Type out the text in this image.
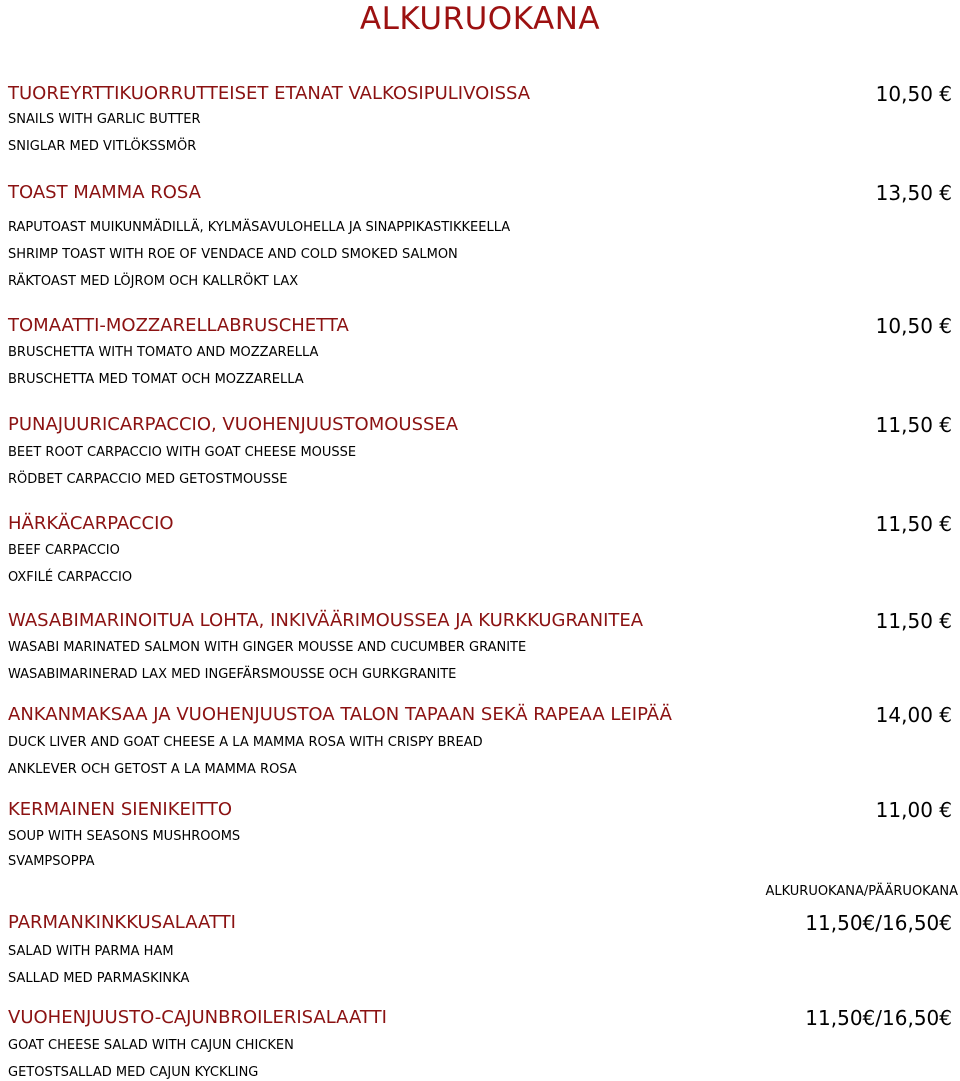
ALKURUOKANA
TUOREYRTTIKUORRUTTEISET ETANAT VALKOSIPULIVOISSA	10,50 €
SNAILS WITH GARLIC BUTTER
SNIGLAR MED VITLÖKSSMÖR
TOAST MAMMA ROSA	13,50 €
RAPUTOAST MUIKUNMÄDILLÄ, KYLMÄSAVULOHELLA JA SINAPPIKASTIKKEELLA
SHRIMP TOAST WITH ROE OF VENDACE AND COLD SMOKED SALMON
RÄKTOAST MED LÖJROM OCH KALLRÖKT LAX
TOMAATTI-MOZZARELLABRUSCHETTA	10,50 €
BRUSCHETTA WITH TOMATO AND MOZZARELLA
BRUSCHETTA MED TOMAT OCH MOZZARELLA
PUNAJUURICARPACCIO, VUOHENJUUSTOMOUSSEA	11,50 €
BEET ROOT CARPACCIO WITH GOAT CHEESE MOUSSE
RÖDBET CARPACCIO MED GETOSTMOUSSE
HÄRKÄCARPACCIO	11,50 €
BEEF CARPACCIO
OXFILÉ CARPACCIO
WASABIMARINOITUA LOHTA, INKIVÄÄRIMOUSSEA JA KURKKUGRANITEA	11,50 €
WASABI MARINATED SALMON WITH GINGER MOUSSE AND CUCUMBER GRANITE
WASABIMARINERAD LAX MED INGEFÄRSMOUSSE OCH GURKGRANITE
ANKANMAKSAA JA VUOHENJUUSTOA TALON TAPAAN SEKÄ RAPEAA LEIPÄÄ	14,00 €
DUCK LIVER AND GOAT CHEESE A LA MAMMA ROSA WITH CRISPY BREAD
ANKLEVER OCH GETOST A LA MAMMA ROSA
KERMAINEN SIENIKEITTO	11,00 €
SOUP WITH SEASONS MUSHROOMS
SVAMPSOPPA
ALKURUOKANA/PÄÄRUOKANA
PARMANKINKKUSALAATTI	11,50€/16,50€
SALAD WITH PARMA HAM
SALLAD MED PARMASKINKA
VUOHENJUUSTO-CAJUNBROILERISALAATTI	11,50€/16,50€
GOAT CHEESE SALAD WITH CAJUN CHICKEN
GETOSTSALLAD MED CAJUN KYCKLING
